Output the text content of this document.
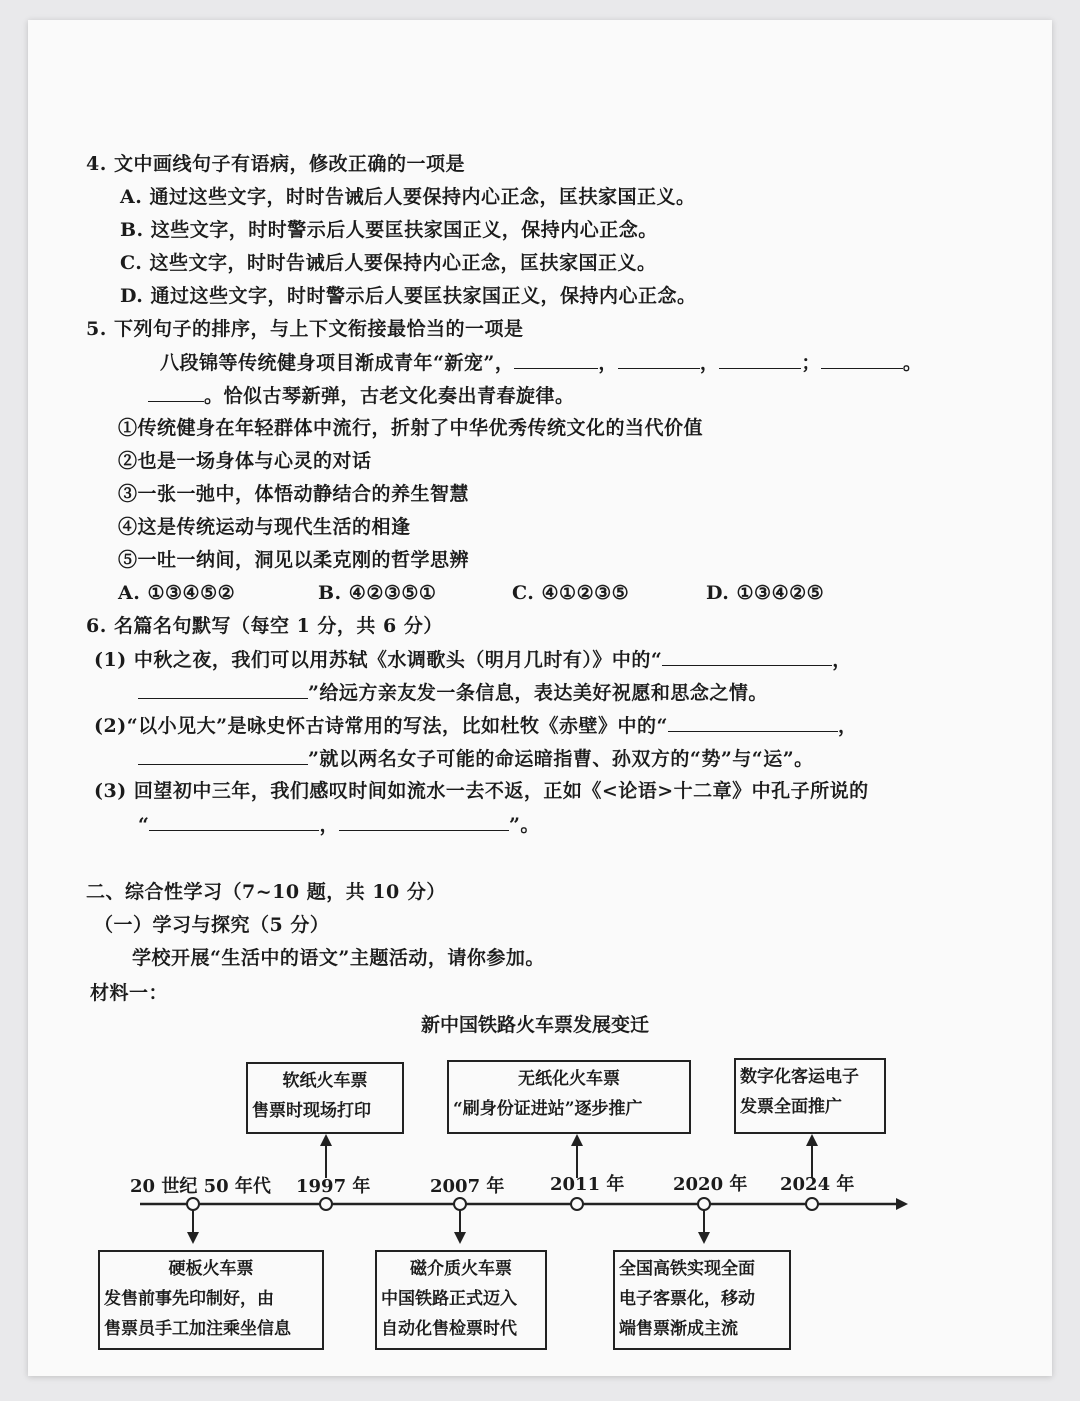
4. 文中画线句子有语病，修改正确的一项是
A. 通过这些文字，时时告诫后人要保持内心正念，匡扶家国正义。
B. 这些文字，时时警示后人要匡扶家国正义，保持内心正念。
C. 这些文字，时时告诫后人要保持内心正念，匡扶家国正义。
D. 通过这些文字，时时警示后人要匡扶家国正义，保持内心正念。
5. 下列句子的排序，与上下文衔接最恰当的一项是
八段锦等传统健身项目渐成青年“新宠”，	，	，	；	。
。恰似古琴新弹，古老文化奏出青春旋律。
①传统健身在年轻群体中流行，折射了中华优秀传统文化的当代价值
②也是一场身体与心灵的对话
③一张一弛中，体悟动静结合的养生智慧
④这是传统运动与现代生活的相逢
⑤一吐一纳间，洞见以柔克刚的哲学思辨
A. ①③④⑤②	B. ④②③⑤①	C. ④①②③⑤	D. ①③④②⑤
6. 名篇名句默写（每空 1 分，共 6 分）
(1) 中秋之夜，我们可以用苏轼《水调歌头（明月几时有）》中的“	，
”给远方亲友发一条信息，表达美好祝愿和思念之情。
(2)“以小见大”是咏史怀古诗常用的写法，比如杜牧《赤壁》中的“	，
”就以两名女子可能的命运暗指曹、孙双方的“势”与“运”。
(3) 回望初中三年，我们感叹时间如流水一去不返，正如《<论语>十二章》中孔子所说的
“	，	”。
二、综合性学习（7~10 题，共 10 分）
（一）学习与探究（5 分）
学校开展“生活中的语文”主题活动，请你参加。
材料一：
新中国铁路火车票发展变迁
20 世纪 50 年代 1997 年	2007 年	2011 年	2020 年 2024 年
软纸火车票
售票时现场打印
无纸化火车票
“刷身份证进站”逐步推广
数字化客运电子
发票全面推广
硬板火车票
发售前事先印制好，由
售票员手工加注乘坐信息
磁介质火车票
中国铁路正式迈入
自动化售检票时代
全国高铁实现全面
电子客票化，移动
端售票渐成主流
